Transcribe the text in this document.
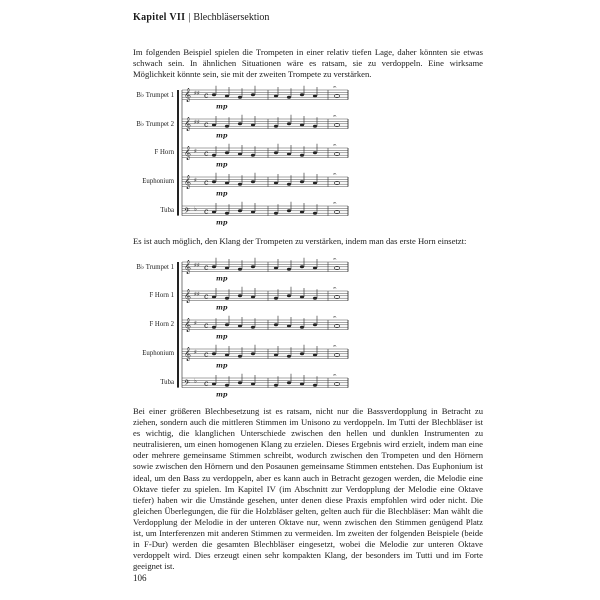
Kapitel VII | Blechbläsersektion

Im folgenden Beispiel spielen die Trompeten in einer relativ tiefen Lage, daher könnten sie etwas schwach sein. In ähnlichen Situationen wäre es ratsam, sie zu verdoppeln. Eine wirksame Möglichkeit könnte sein, sie mit der zweiten Trompete zu verstärken.

𝄞 ♯♯ c
𝄐
mp
𝄞 ♯♯ c
𝄐
mp
𝄞 ♯ c
𝄐
mp
𝄞 ♯ c
𝄐
mp
𝄢 ♭ c
𝄐
mp
B♭ Trumpet 1
B♭ Trumpet 2
F Horn
Euphonium
Tuba

Es ist auch möglich, den Klang der Trompeten zu verstärken, indem man das erste Horn einsetzt:

𝄞 ♯♯ c
𝄐
mp
𝄞 ♯♯ c
𝄐
mp
𝄞 ♯ c
𝄐
mp
𝄞 ♯ c
𝄐
mp
𝄢 ♭ c
𝄐
mp
B♭ Trumpet 1
F Horn 1
F Horn 2
Euphonium
Tuba

Bei einer größeren Blechbesetzung ist es ratsam, nicht nur die Bassverdopplung in Betracht zu ziehen, sondern auch die mittleren Stimmen im Unisono zu verdoppeln. Im Tutti der Blechbläser ist es wichtig, die klanglichen Unterschiede zwischen den hellen und dunklen Instrumenten zu neutralisieren, um einen homogenen Klang zu erzielen. Dieses Ergebnis wird erzielt, indem man eine oder mehrere gemeinsame Stimmen schreibt, wodurch zwischen den Trompeten und den Hörnern sowie zwischen den Hörnern und den Posaunen gemeinsame Stimmen entstehen. Das Euphonium ist ideal, um den Bass zu verdoppeln, aber es kann auch in Betracht gezogen werden, die Melodie eine Oktave tiefer zu spielen. Im Kapitel IV (im Abschnitt zur Verdopplung der Melodie eine Oktave tiefer) haben wir die Umstände gesehen, unter denen diese Praxis empfohlen wird oder nicht. Die gleichen Überlegungen, die für die Holzbläser gelten, gelten auch für die Blechbläser: Man wählt die Verdopplung der Melodie in der unteren Oktave nur, wenn zwischen den Stimmen genügend Platz ist, um Interferenzen mit anderen Stimmen zu vermeiden. Im zweiten der folgenden Beispiele (beide in F-Dur) werden die gesamten Blechbläser eingesetzt, wobei die Melodie zur unteren Oktave verdoppelt wird. Dies erzeugt einen sehr kompakten Klang, der besonders im Tutti und im Forte geeignet ist.

106
